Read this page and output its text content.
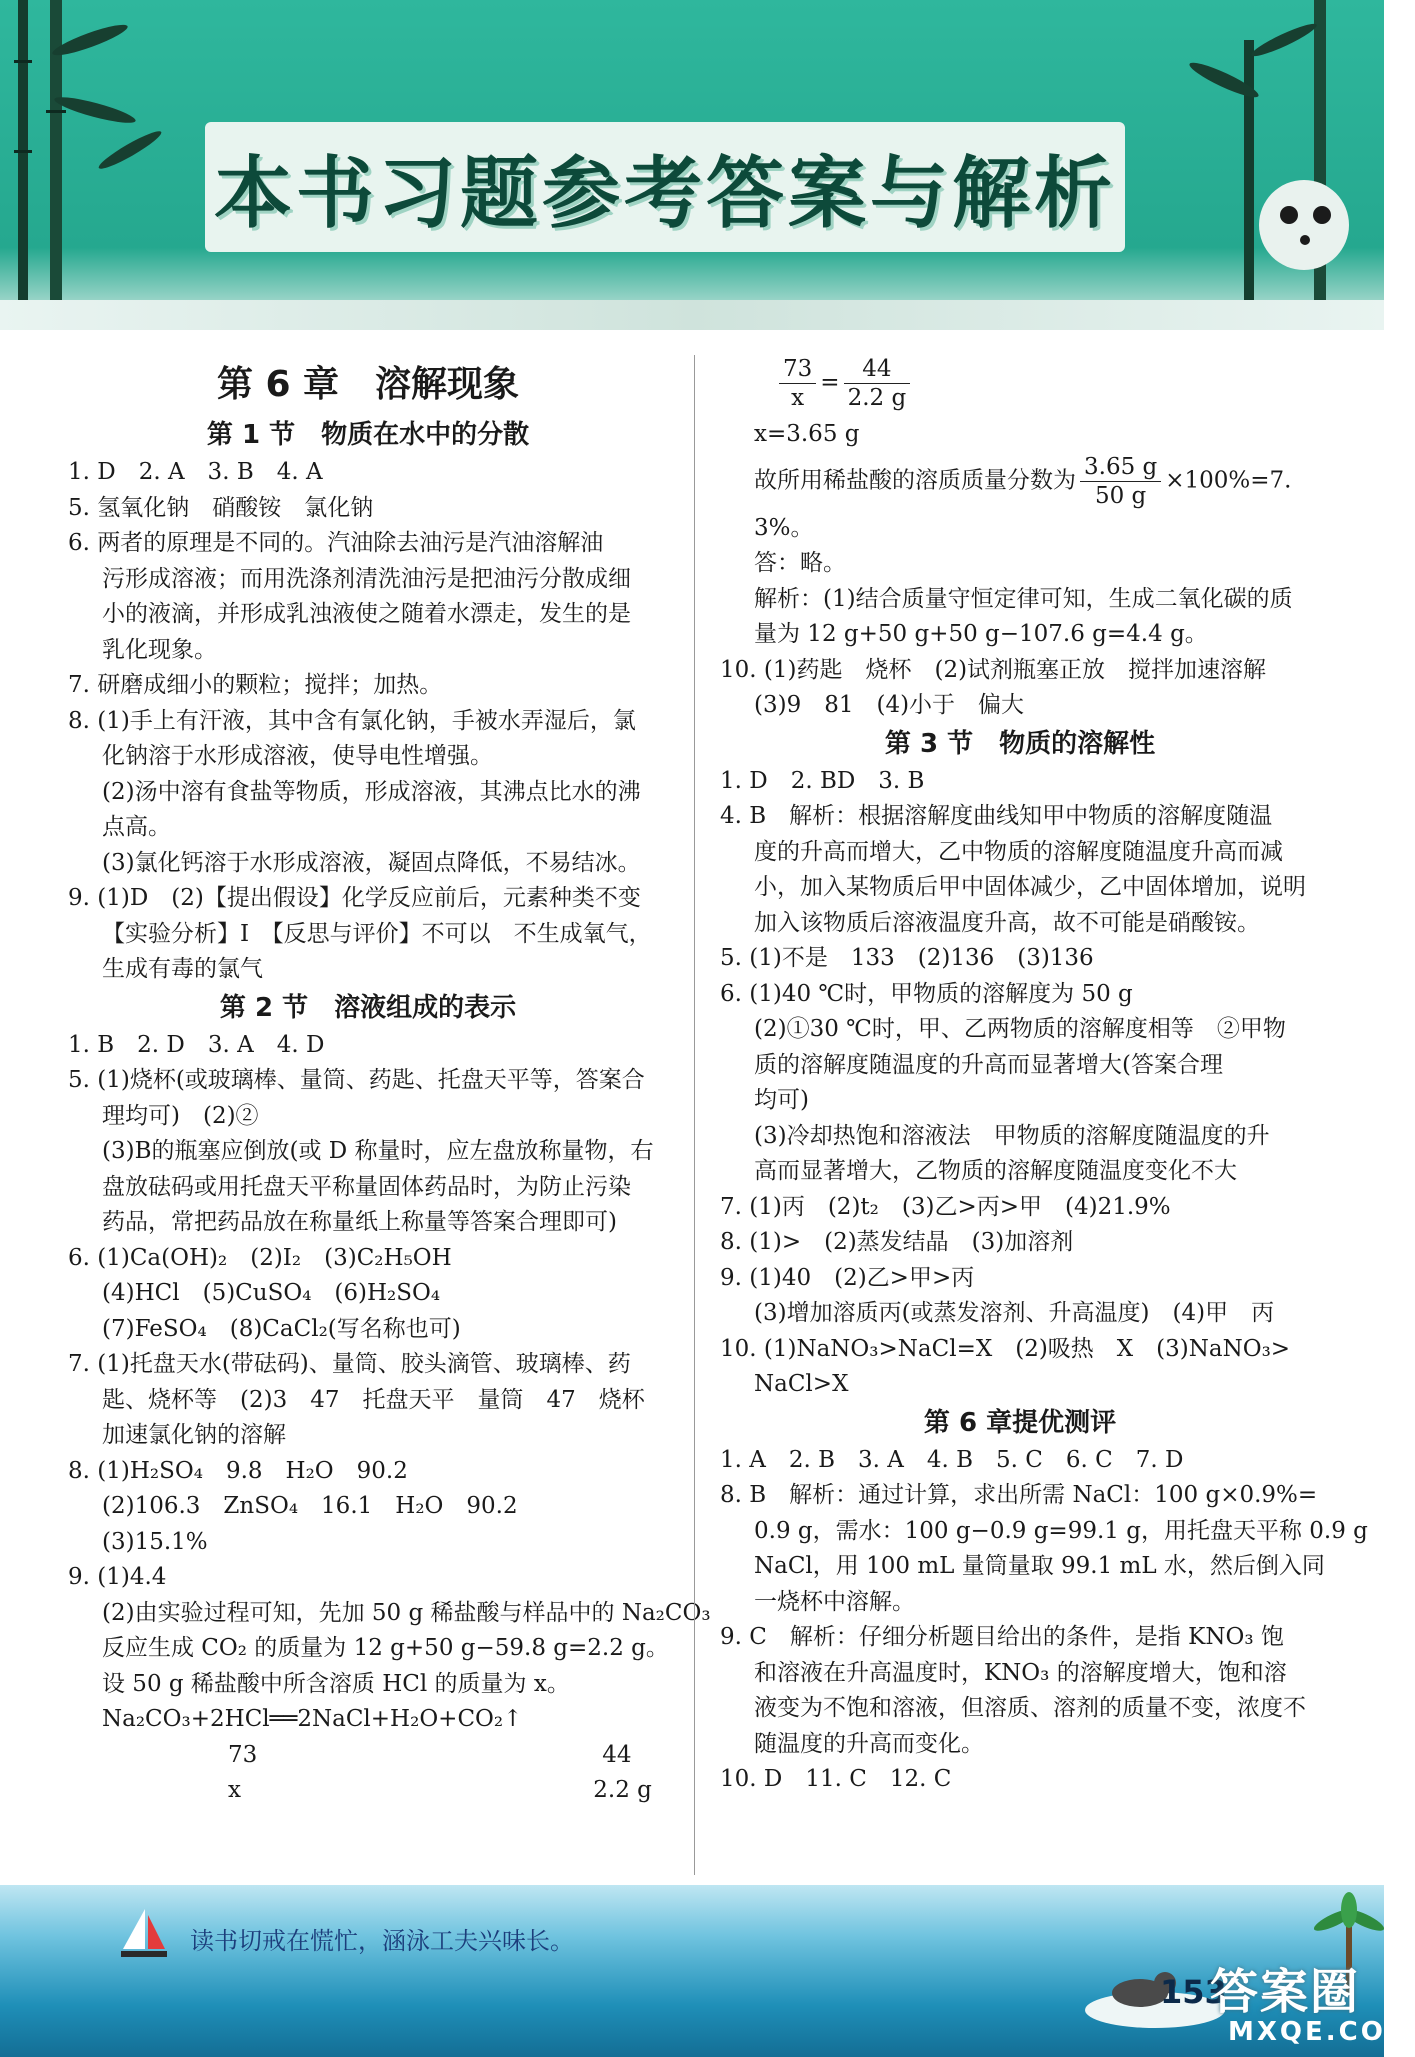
本书习题参考答案与解析
第 6 章　溶解现象
第 1 节　物质在水中的分散
1. D　2. A　3. B　4. A
5. 氢氧化钠　硝酸铵　氯化钠
6. 两者的原理是不同的。汽油除去油污是汽油溶解油
污形成溶液；而用洗涤剂清洗油污是把油污分散成细
小的液滴，并形成乳浊液使之随着水漂走，发生的是
乳化现象。
7. 研磨成细小的颗粒；搅拌；加热。
8. (1)手上有汗液，其中含有氯化钠，手被水弄湿后，氯
化钠溶于水形成溶液，使导电性增强。
(2)汤中溶有食盐等物质，形成溶液，其沸点比水的沸
点高。
(3)氯化钙溶于水形成溶液，凝固点降低，不易结冰。
9. (1)D　(2)【提出假设】化学反应前后，元素种类不变
【实验分析】Ⅰ　【反思与评价】不可以　不生成氧气，
生成有毒的氯气
第 2 节　溶液组成的表示
1. B　2. D　3. A　4. D
5. (1)烧杯(或玻璃棒、量筒、药匙、托盘天平等，答案合
理均可)　(2)②
(3)B的瓶塞应倒放(或 D 称量时，应左盘放称量物，右
盘放砝码或用托盘天平称量固体药品时，为防止污染
药品，常把药品放在称量纸上称量等答案合理即可)
6. (1)Ca(OH)₂　(2)I₂　(3)C₂H₅OH
(4)HCl　(5)CuSO₄　(6)H₂SO₄
(7)FeSO₄　(8)CaCl₂(写名称也可)
7. (1)托盘天水(带砝码)、量筒、胶头滴管、玻璃棒、药
匙、烧杯等　(2)3　47　托盘天平　量筒　47　烧杯
加速氯化钠的溶解
8. (1)H₂SO₄　9.8　H₂O　90.2
(2)106.3　ZnSO₄　16.1　H₂O　90.2
(3)15.1%
9. (1)4.4
(2)由实验过程可知，先加 50 g 稀盐酸与样品中的 Na₂CO₃
反应生成 CO₂ 的质量为 12 g+50 g−59.8 g=2.2 g。
设 50 g 稀盐酸中所含溶质 HCl 的质量为 x。
Na₂CO₃+2HCl══2NaCl+H₂O+CO₂↑
73　　　　　　　　　　　　　　　44
x　　　　　　　　　　　　　　　 2.2 g
$\frac{73}{x} = \frac{44}{2.2 g}$
x=3.65 g
故所用稀盐酸的溶质质量分数为 $\frac{3.65 g}{50 g} \times 100\%=7$.
3%。
答：略。
解析：(1)结合质量守恒定律可知，生成二氧化碳的质
量为 12 g+50 g+50 g−107.6 g=4.4 g。
10. (1)药匙　烧杯　(2)试剂瓶塞正放　搅拌加速溶解
(3)9　81　(4)小于　偏大
第 3 节　物质的溶解性
1. D　2. BD　3. B
4. B　解析：根据溶解度曲线知甲中物质的溶解度随温
度的升高而增大，乙中物质的溶解度随温度升高而减
小，加入某物质后甲中固体减少，乙中固体增加，说明
加入该物质后溶液温度升高，故不可能是硝酸铵。
5. (1)不是　133　(2)136　(3)136
6. (1)40 ℃时，甲物质的溶解度为 50 g
(2)①30 ℃时，甲、乙两物质的溶解度相等　②甲物
质的溶解度随温度的升高而显著增大(答案合理
均可)
(3)冷却热饱和溶液法　甲物质的溶解度随温度的升
高而显著增大，乙物质的溶解度随温度变化不大
7. (1)丙　(2)t₂　(3)乙>丙>甲　(4)21.9%
8. (1)>　(2)蒸发结晶　(3)加溶剂
9. (1)40　(2)乙>甲>丙
(3)增加溶质丙(或蒸发溶剂、升高温度)　(4)甲　丙
10. (1)NaNO₃>NaCl=X　(2)吸热　X　(3)NaNO₃>
NaCl>X
第 6 章提优测评
1. A　2. B　3. A　4. B　5. C　6. C　7. D
8. B　解析：通过计算，求出所需 NaCl：100 g×0.9%=
0.9 g，需水：100 g−0.9 g=99.1 g，用托盘天平称 0.9 g
NaCl，用 100 mL 量筒量取 99.1 mL 水，然后倒入同
一烧杯中溶解。
9. C　解析：仔细分析题目给出的条件，是指 KNO₃ 饱
和溶液在升高温度时，KNO₃ 的溶解度增大，饱和溶
液变为不饱和溶液，但溶质、溶剂的质量不变，浓度不
随温度的升高而变化。
10. D　11. C　12. C
读书切戒在慌忙，涵泳工夫兴味长。
153
答案圈
MXQE.COM
